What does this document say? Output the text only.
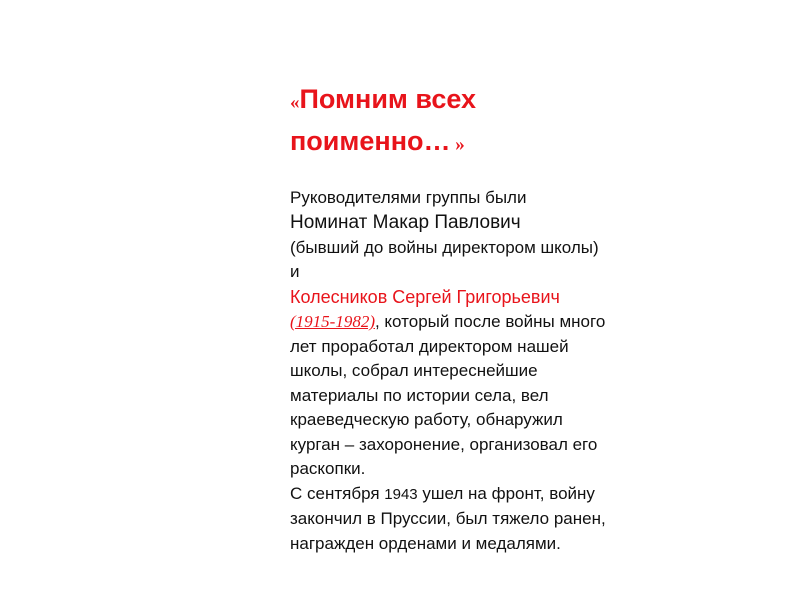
«Помним всех
поименно… »
Руководителями группы были
Номинат Макар Павлович
(бывший до войны директором школы)
и
Колесников Сергей Григорьевич
(1915-1982), который после войны много
лет проработал директором нашей
школы, собрал интереснейшие
материалы по истории села, вел
краеведческую работу, обнаружил
курган – захоронение, организовал его
раскопки.
С сентября 1943 ушел на фронт, войну
закончил в Пруссии, был тяжело ранен,
награжден орденами и медалями.
